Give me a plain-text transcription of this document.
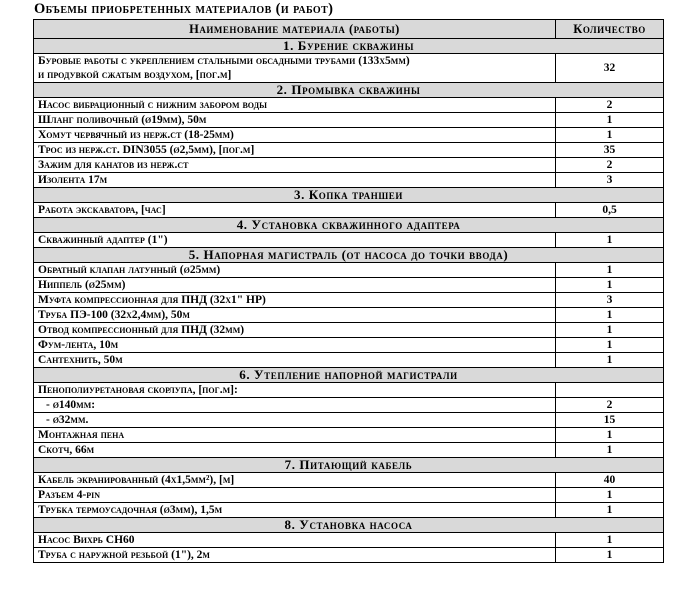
Объемы приобретенных материалов (и работ)
Наименование материала (работы)	Количество
1. Бурение скважины	

Буровые работы с укреплением стальными обсадными трубами (133х5мм)
и продувкой сжатым воздухом, [пог.м]	32
2. Промывка скважины	
Насос вибрационный с нижним забором воды	2
Шланг поливочный (ø19мм), 50м	1
Хомут червячный из нерж.ст (18-25мм)	1
Трос из нерж.ст. DIN3055 (ø2,5мм), [пог.м]	35
Зажим для канатов из нерж.ст	2
Изолента 17м	3
3. Копка траншеи	
Работа экскаватора, [час]	0,5
4. Установка скважинного адаптера	
Скважинный адаптер (1")	1
5. Напорная магистраль (от насоса до точки ввода)	
Обратный клапан латунный (ø25мм)	1
Ниппель (ø25мм)	1
Муфта компрессионная для ПНД (32х1" НР)	3
Труба ПЭ-100 (32х2,4мм), 50м	1
Отвод компрессионный для ПНД (32мм)	1
Фум-лента, 10м	1
Сантехнить, 50м	1
6. Утепление напорной магистрали	
Пенополиуретановая скорлупа, [пог.м]:	
- ø140мм:	2
- ø32мм.	15
Монтажная пена	1
Скотч, 66м	1
7. Питающий кабель	
Кабель экранированный (4х1,5мм²), [м]	40
Разъем 4-pin	1
Трубка термоусадочная (ø3мм), 1,5м	1
8. Установка насоса	
Насос Вихрь СН60	1
Труба с наружной резьбой (1"), 2м	1
